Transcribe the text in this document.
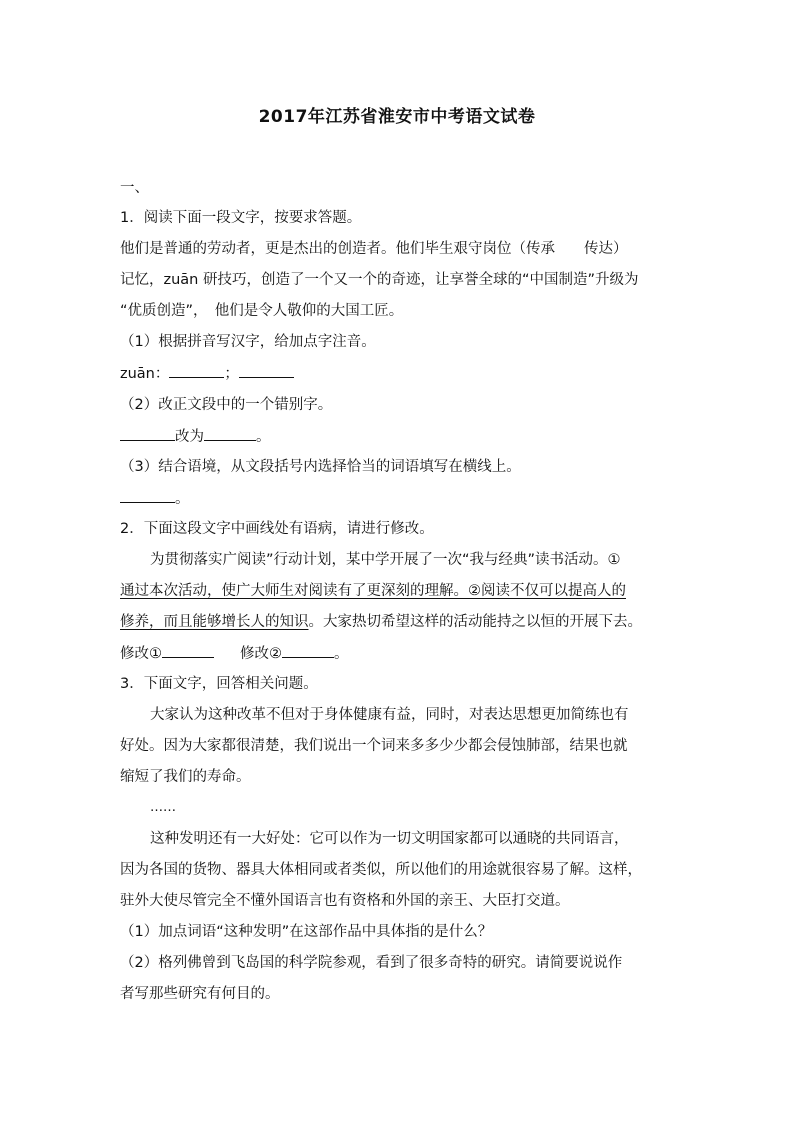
2017年江苏省淮安市中考语文试卷
一、
1．阅读下面一段文字，按要求答题。
他们是普通的劳动者，更是杰出的创造者。他们毕生艰守岗位（传承　　传达）
记忆，zuān 研技巧，创造了一个又一个的奇迹，让享誉全球的“中国制造”升级为
“优质创造”，　他们是令人敬仰的大国工匠。
（1）根据拼音写汉字，给加点字注音。
zuān：	；
（2）改正文段中的一个错别字。
改为	。
（3）结合语境，从文段括号内选择恰当的词语填写在横线上。
。
2．下面这段文字中画线处有语病，请进行修改。
为贯彻落实广阅读”行动计划，某中学开展了一次“我与经典”读书活动。①
通过本次活动，使广大师生对阅读有了更深刻的理解。②阅读不仅可以提高人的
修养，而且能够增长人的知识。大家热切希望这样的活动能持之以恒的开展下去。
修改①	修改②	。
3．下面文字，回答相关问题。
大家认为这种改革不但对于身体健康有益，同时，对表达思想更加简练也有
好处。因为大家都很清楚，我们说出一个词来多多少少都会侵蚀肺部，结果也就
缩短了我们的寿命。
……
这种发明还有一大好处：它可以作为一切文明国家都可以通晓的共同语言，
因为各国的货物、器具大体相同或者类似，所以他们的用途就很容易了解。这样，
驻外大使尽管完全不懂外国语言也有资格和外国的亲王、大臣打交道。
（1）加点词语“这种发明”在这部作品中具体指的是什么？
（2）格列佛曾到飞岛国的科学院参观，看到了很多奇特的研究。请简要说说作
者写那些研究有何目的。
